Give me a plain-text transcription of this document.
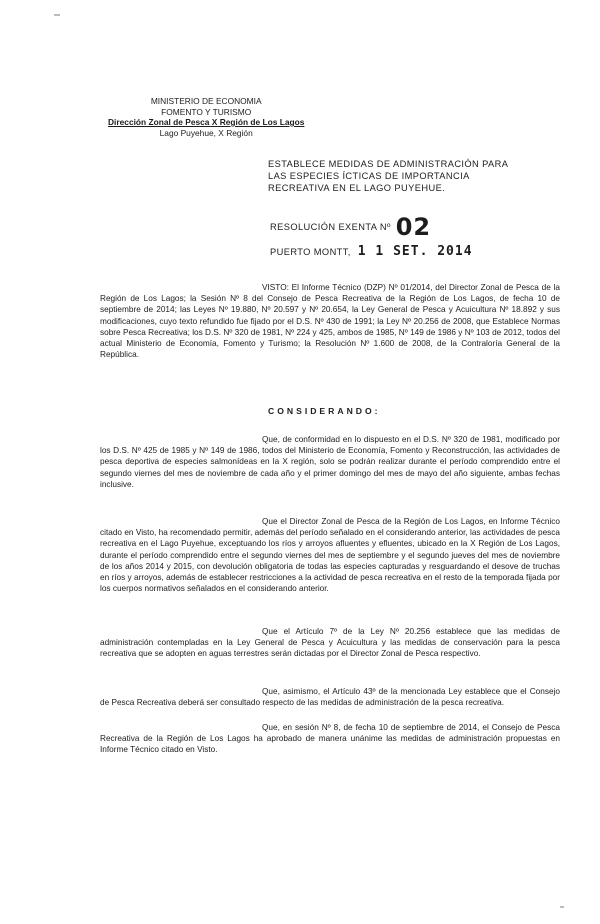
MINISTERIO DE ECONOMIA
FOMENTO Y TURISMO
Dirección Zonal de Pesca X Región de Los Lagos
Lago Puyehue, X Región
ESTABLECE MEDIDAS DE ADMINISTRACIÓN PARA
LAS ESPECIES ÍCTICAS DE IMPORTANCIA
RECREATIVA EN EL LAGO PUYEHUE.
RESOLUCIÓN EXENTA Nº 02
PUERTO MONTT, 1 1 SET. 2014
VISTO: El Informe Técnico (DZP) Nº 01/2014, del Director Zonal de Pesca de la Región de Los Lagos; la Sesión Nº 8 del Consejo de Pesca Recreativa de la Región de Los Lagos, de fecha 10 de septiembre de 2014; las Leyes Nº 19.880, Nº 20.597 y Nº 20.654, la Ley General de Pesca y Acuicultura Nº 18.892 y sus modificaciones, cuyo texto refundido fue fijado por el D.S. Nº 430 de 1991; la Ley Nº 20.256 de 2008, que Establece Normas sobre Pesca Recreativa; los D.S. Nº 320 de 1981, Nº 224 y 425, ambos de 1985, Nº 149 de 1986 y Nº 103 de 2012, todos del actual Ministerio de Economía, Fomento y Turismo; la Resolución Nº 1.600 de 2008, de la Contraloría General de la República.
CONSIDERANDO:
Que, de conformidad en lo dispuesto en el D.S. Nº 320 de 1981, modificado por los D.S. Nº 425 de 1985 y Nº 149 de 1986, todos del Ministerio de Economía, Fomento y Reconstrucción, las actividades de pesca deportiva de especies salmonídeas en la X región, solo se podrán realizar durante el período comprendido entre el segundo viernes del mes de noviembre de cada año y el primer domingo del mes de mayo del año siguiente, ambas fechas inclusive.
Que el Director Zonal de Pesca de la Región de Los Lagos, en Informe Técnico citado en Visto, ha recomendado permitir, además del período señalado en el considerando anterior, las actividades de pesca recreativa en el Lago Puyehue, exceptuando los ríos y arroyos afluentes y efluentes, ubicado en la X Región de Los Lagos, durante el período comprendido entre el segundo viernes del mes de septiembre y el segundo jueves del mes de noviembre de los años 2014 y 2015, con devolución obligatoria de todas las especies capturadas y resguardando el desove de truchas en ríos y arroyos, además de establecer restricciones a la actividad de pesca recreativa en el resto de la temporada fijada por los cuerpos normativos señalados en el considerando anterior.
Que el Artículo 7º de la Ley Nº 20.256 establece que las medidas de administración contempladas en la Ley General de Pesca y Acuicultura y las medidas de conservación para la pesca recreativa que se adopten en aguas terrestres serán dictadas por el Director Zonal de Pesca respectivo.
Que, asimismo, el Artículo 43º de la mencionada Ley establece que el Consejo de Pesca Recreativa deberá ser consultado respecto de las medidas de administración de la pesca recreativa.
Que, en sesión Nº 8, de fecha 10 de septiembre de 2014, el Consejo de Pesca Recreativa de la Región de Los Lagos ha aprobado de manera unánime las medidas de administración propuestas en Informe Técnico citado en Visto.
